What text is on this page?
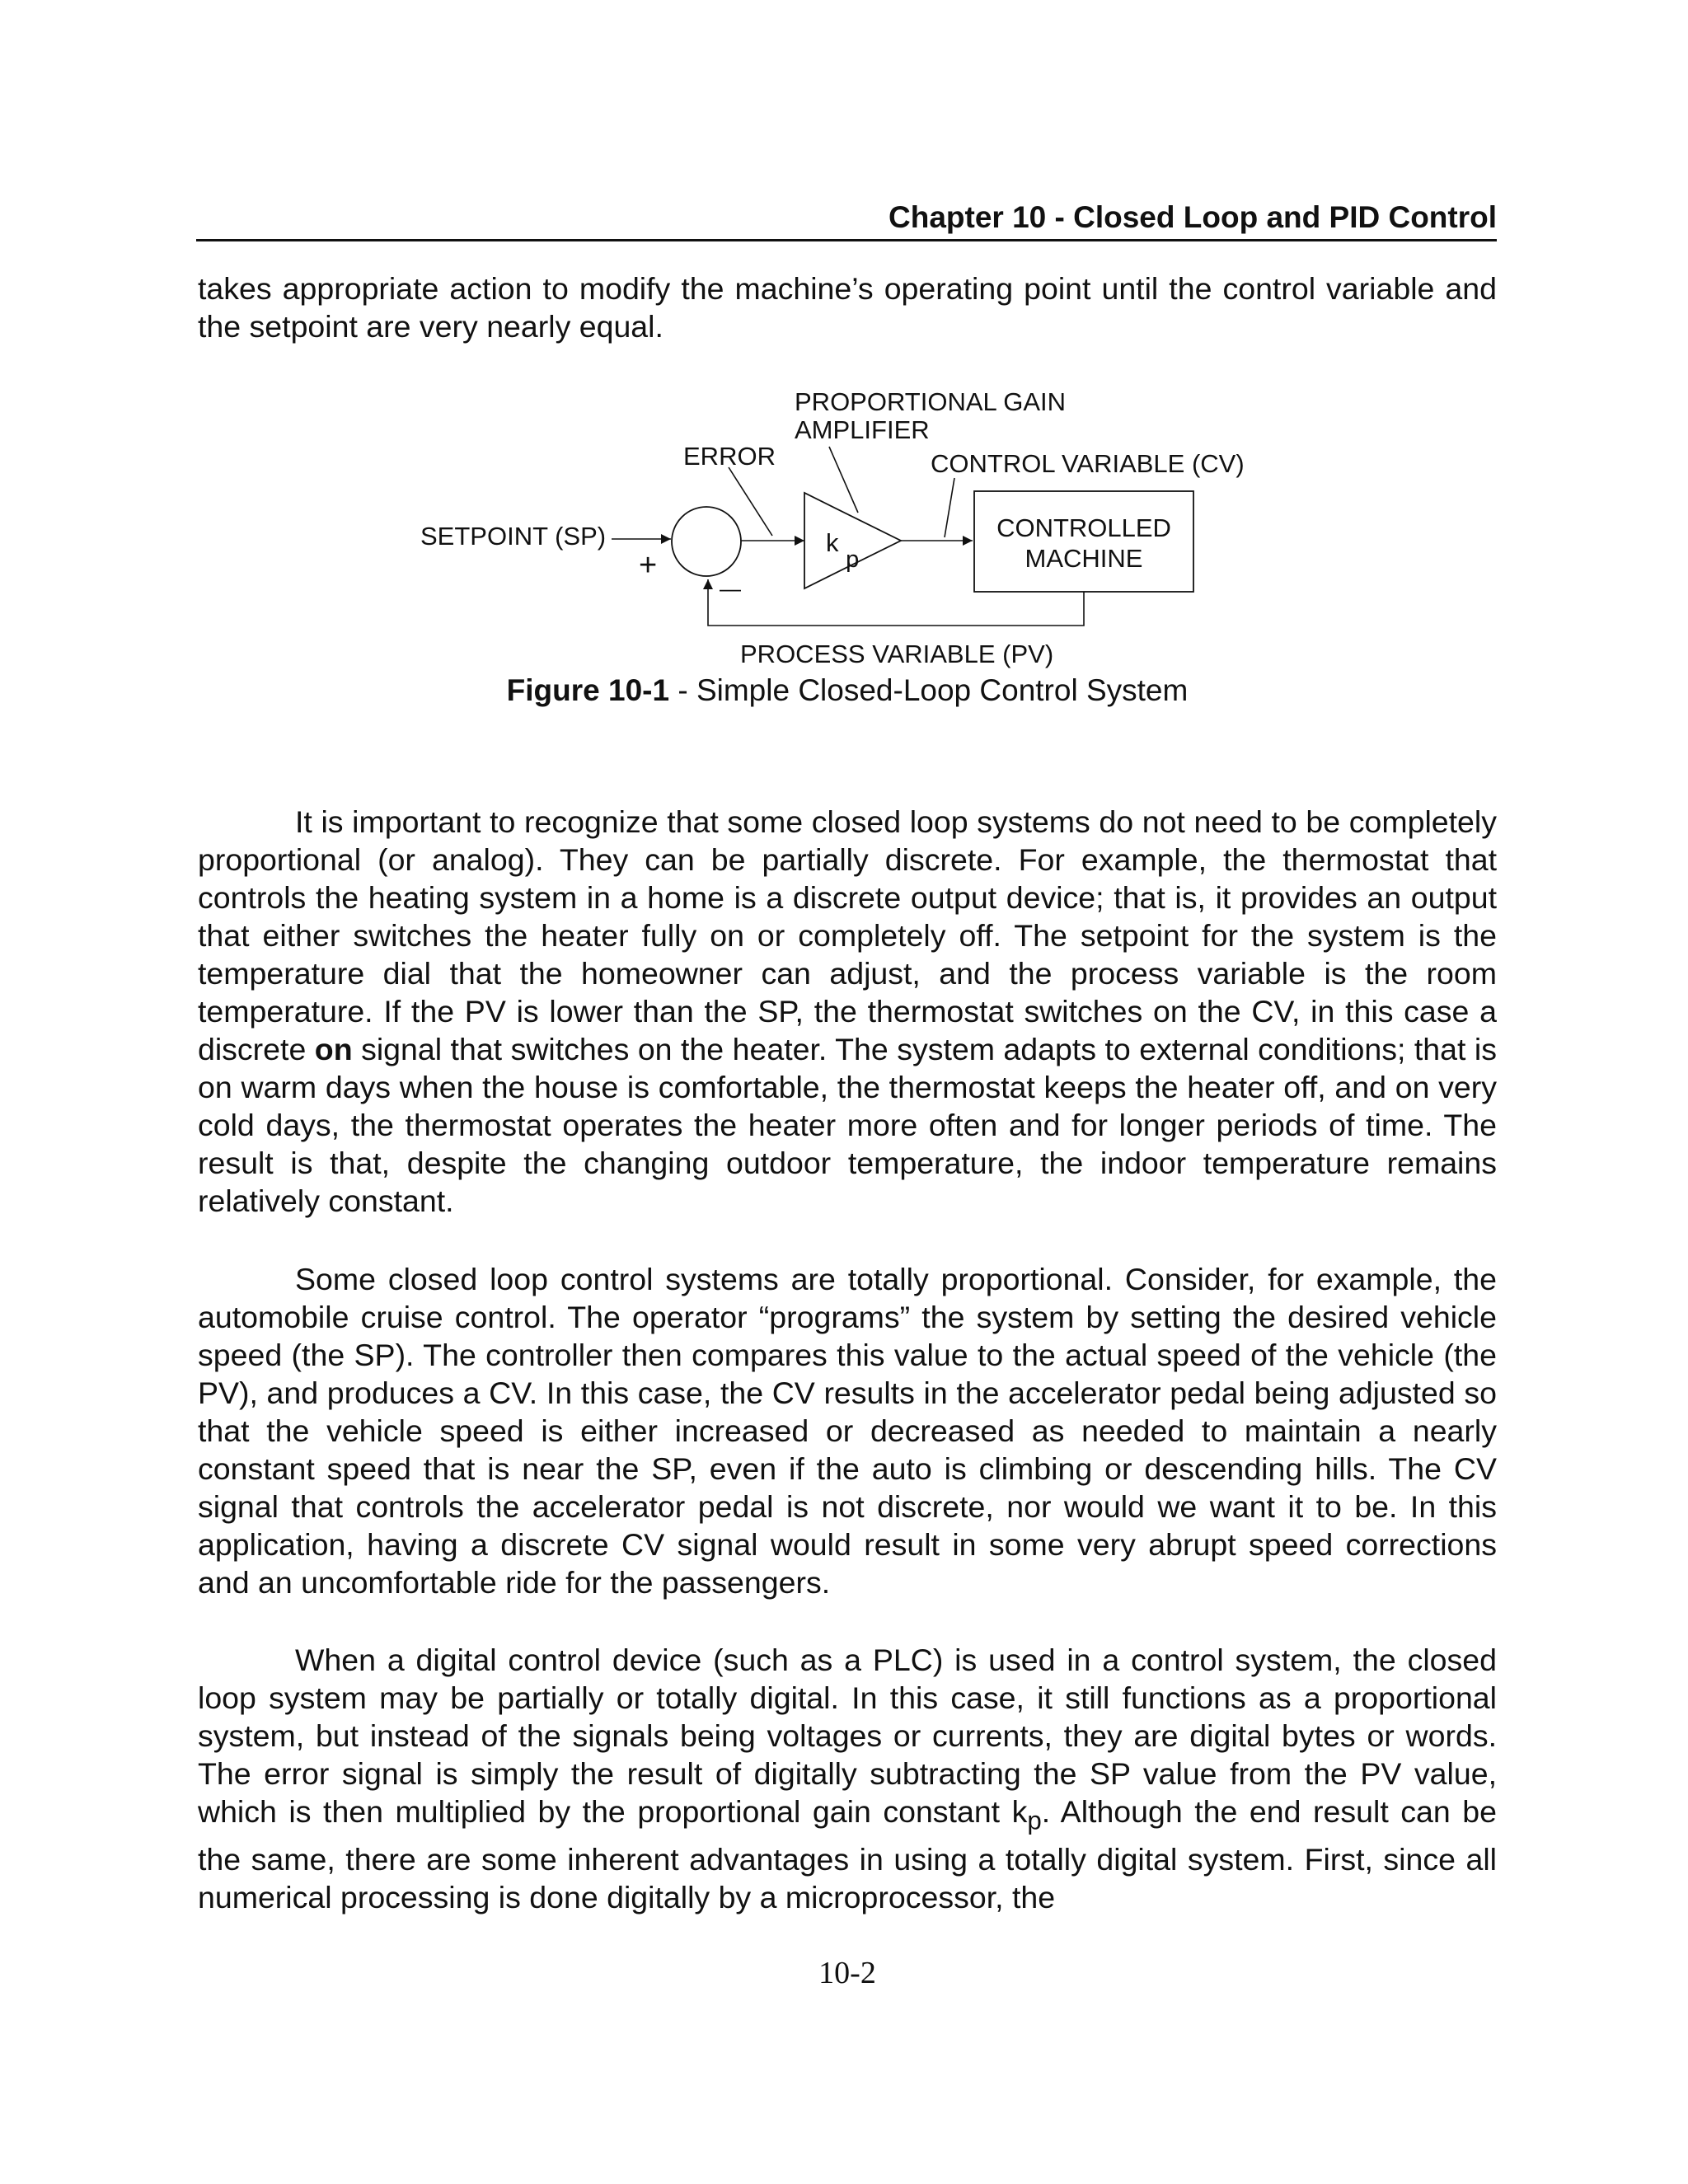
Chapter 10 - Closed Loop and PID Control

takes appropriate action to modify the machine’s operating point until the control variable and the setpoint are very nearly equal.

PROPORTIONAL GAIN
AMPLIFIER
ERROR	CONTROL VARIABLE (CV)
SETPOINT (SP)
+
—
k p
CONTROLLED
MACHINE
PROCESS VARIABLE (PV)
Figure 10-1 - Simple Closed-Loop Control System

It is important to recognize that some closed loop systems do not need to be completely proportional (or analog). They can be partially discrete. For example, the thermostat that controls the heating system in a home is a discrete output device; that is, it provides an output that either switches the heater fully on or completely off. The setpoint for the system is the temperature dial that the homeowner can adjust, and the process variable is the room temperature. If the PV is lower than the SP, the thermostat switches on the CV, in this case a discrete on signal that switches on the heater. The system adapts to external conditions; that is on warm days when the house is comfortable, the thermostat keeps the heater off, and on very cold days, the thermostat operates the heater more often and for longer periods of time. The result is that, despite the changing outdoor temperature, the indoor temperature remains relatively constant.

Some closed loop control systems are totally proportional. Consider, for example, the automobile cruise control. The operator “programs” the system by setting the desired vehicle speed (the SP). The controller then compares this value to the actual speed of the vehicle (the PV), and produces a CV. In this case, the CV results in the accelerator pedal being adjusted so that the vehicle speed is either increased or decreased as needed to maintain a nearly constant speed that is near the SP, even if the auto is climbing or descending hills. The CV signal that controls the accelerator pedal is not discrete, nor would we want it to be. In this application, having a discrete CV signal would result in some very abrupt speed corrections and an uncomfortable ride for the passengers.

When a digital control device (such as a PLC) is used in a control system, the closed loop system may be partially or totally digital. In this case, it still functions as a proportional system, but instead of the signals being voltages or currents, they are digital bytes or words. The error signal is simply the result of digitally subtracting the SP value from the PV value, which is then multiplied by the proportional gain constant $k_p$. Although the end result can be the same, there are some inherent advantages in using a totally digital system. First, since all numerical processing is done digitally by a microprocessor, the

10-2
